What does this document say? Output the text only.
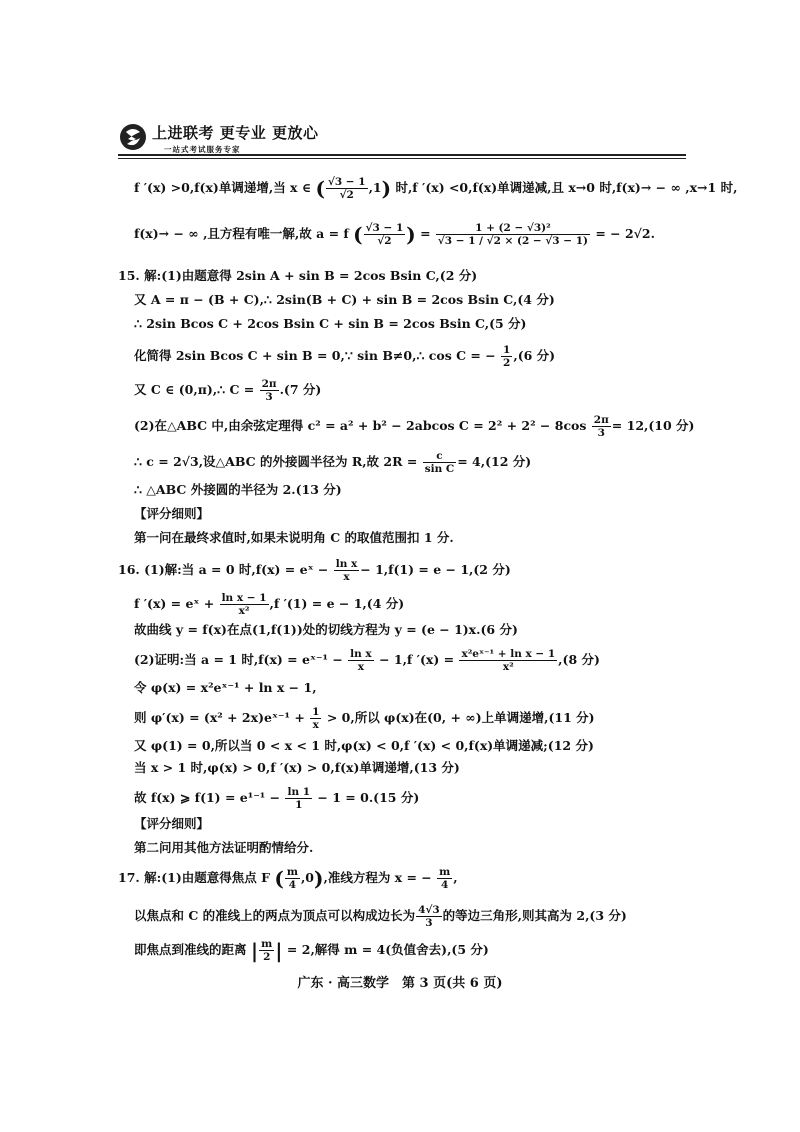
上进联考 更专业 更放心
一站式考试服务专家
f ′(x) >0,f(x)单调递增,当 x ∈ ( $\frac{√3 - 1}{√2} ,1$) 时,f ′(x) <0,f(x)单调递减,且 x→0 时,f(x)→ − ∞ ,x→1 时,
f(x)→ − ∞ ,且方程有唯一解,故 a = f ( $\frac{√3 - 1}{√2}$ ) = $\frac{\text{1 + (2 − √3)²}}{√3 - 1 / √2 \times (2 - √3 - 1)}$ = − 2√2.
15. 解:(1)由题意得 2sin A + sin B = 2cos Bsin C,(2 分)
又 A = π − (B + C),∴ 2sin(B + C) + sin B = 2cos Bsin C,(4 分)
∴ 2sin Bcos C + 2cos Bsin C + sin B = 2cos Bsin C,(5 分)
化简得 2sin Bcos C + sin B = 0,∵ sin B≠0,∴ cos C = − $\frac{1}{2} ,(6$ 分)
又 C ∈ (0,π),∴ $C = \frac{2\pi}{3} .(7$ 分)
(2)在△ABC 中,由余弦定理得 c² = a² + b² − 2abcos $C = 2^2 + 2^2 - 8\cos \frac{2\pi}{3} = 12,(10$ 分)
∴ c = 2√3,设△ABC 的外接圆半径为 R,故 $2R = \frac{c}{\text{sin C}} = 4,(12$ 分)
∴ △ABC 外接圆的半径为 2.(13 分)
【评分细则】
第一问在最终求值时,如果未说明角 C 的取值范围扣 1 分.
16. (1)解:当 a = 0 时,f(x) = eˣ − $\frac{\text{ln x}}{x} - 1,f(1) = e - 1,(2$ 分)
f ′(x) = eˣ + $\frac{\text{ln x − 1}}{\text{x²}} ,f$ ′(1) = e − 1,(4 分)
故曲线 y = f(x)在点(1,f(1))处的切线方程为 y = (e − 1)x.(6 分)
(2)证明:当 a = 1 时,f(x) = eˣ⁻¹ − $\frac{\text{ln x}}{x} - 1,f$ $'(x) = \frac{\text{x²eˣ⁻¹ + ln x − 1}}{\text{x²}} ,(8$ 分)
令 φ(x) = x²eˣ⁻¹ + ln x − 1,
则 φ′(x) = (x² + 2x)eˣ⁻¹ + $\frac{1}{x} > 0$,所以 φ(x)在(0, + ∞)上单调递增,(11 分)
又 φ(1) = 0,所以当 0 < x < 1 时,φ(x) < 0,f ′(x) < 0,f(x)单调递减;(12 分)
当 x > 1 时,φ(x) > 0,f ′(x) > 0,f(x)单调递增,(13 分)
故 f(x) ⩾ $f(1) = e^{1-1} - \frac{\ln 1}{1} - 1 = 0.(15$ 分)
【评分细则】
第二问用其他方法证明酌情给分.
17. 解:(1)由题意得焦点 F ( $\frac{m}{4} ,0$),准线方程为 x = − $\frac{m}{4}$ ,
以焦点和 C 的准线上的两点为顶点可以构成边长为 $\frac{4√3}{3}$ 的等边三角形,则其高为 2,(3 分)
即焦点到准线的距离 | $\frac{m}{2}$ | = 2,解得 m = 4(负值舍去),(5 分)
广东 · 高三数学　第 3 页(共 6 页)
